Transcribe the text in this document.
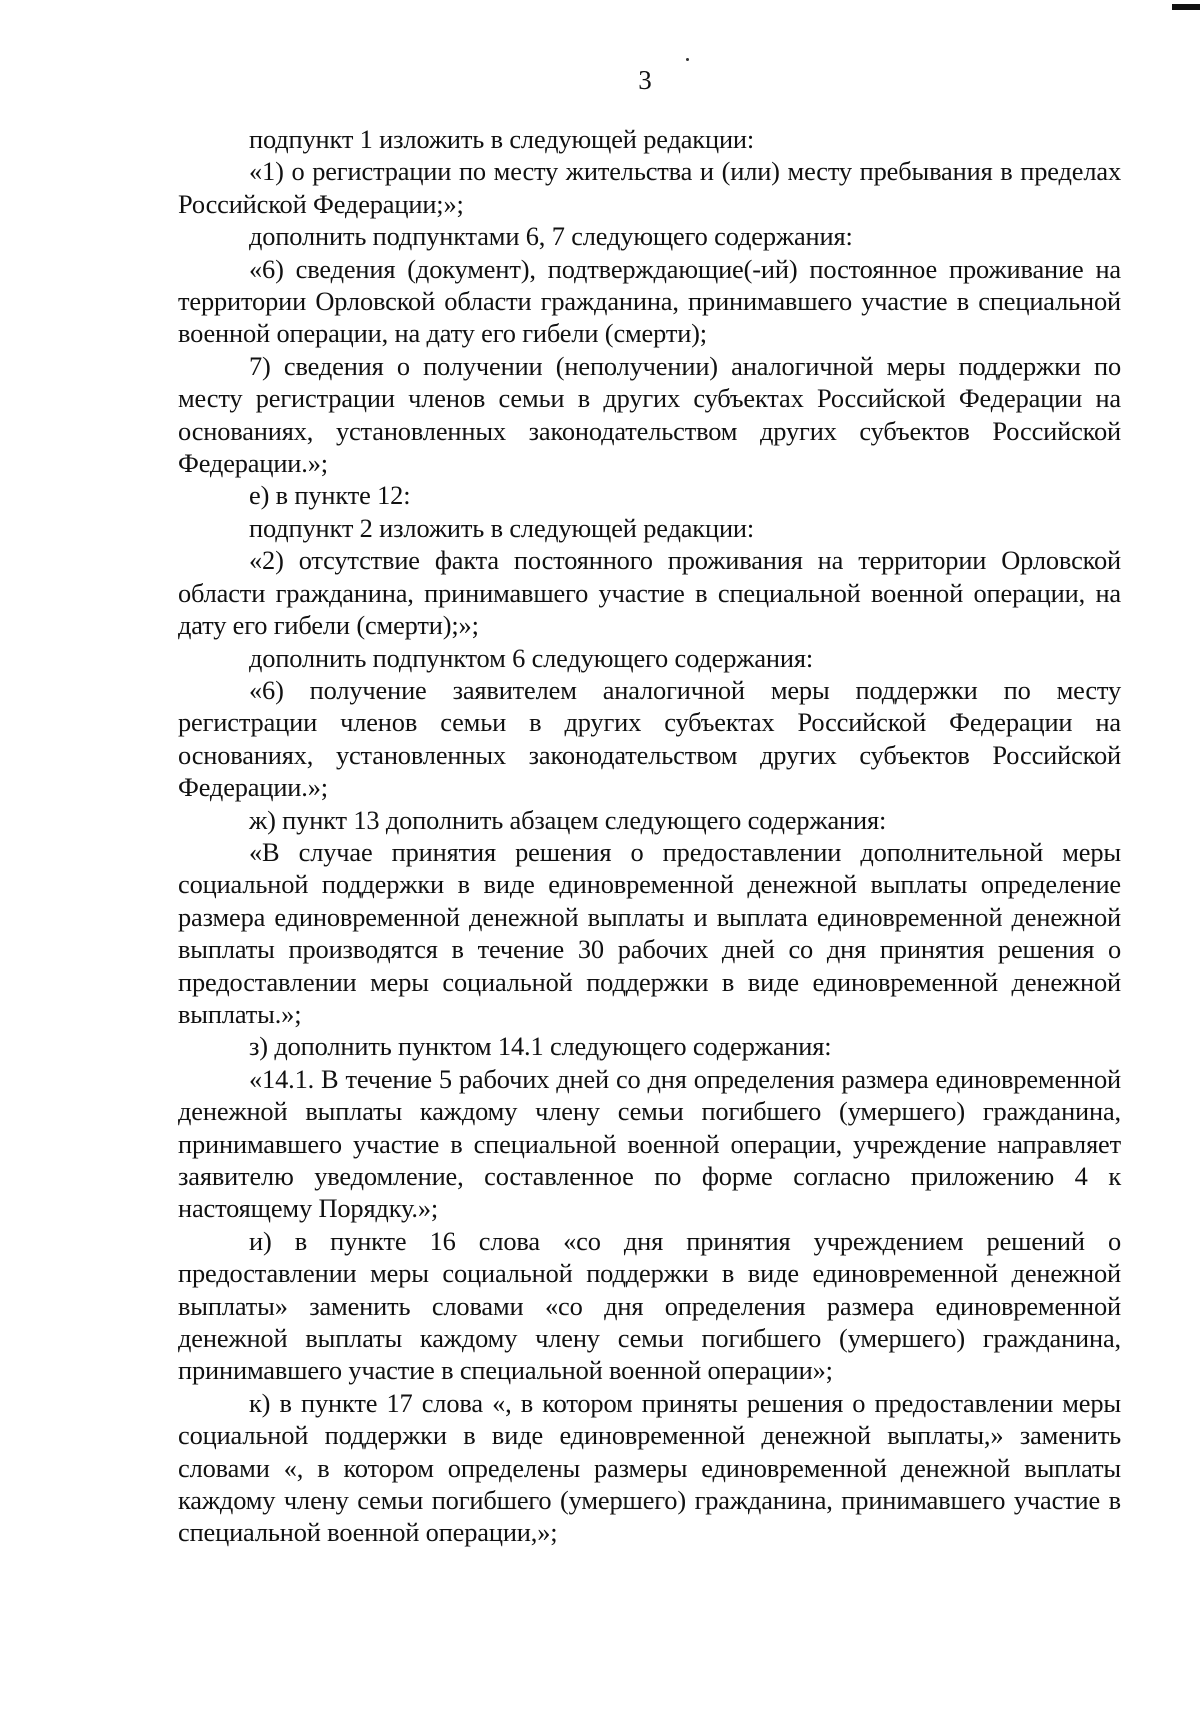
3

подпункт 1 изложить в следующей редакции:

«1) о регистрации по месту жительства и (или) месту пребывания в пределах Российской Федерации;»;

дополнить подпунктами 6, 7 следующего содержания:

«6) сведения (документ), подтверждающие(-ий) постоянное проживание на территории Орловской области гражданина, принимавшего участие в специальной военной операции, на дату его гибели (смерти);

7) сведения о получении (неполучении) аналогичной меры поддержки по месту регистрации членов семьи в других субъектах Российской Федерации на основаниях, установленных законодательством других субъектов Российской Федерации.»;

е) в пункте 12:

подпункт 2 изложить в следующей редакции:

«2) отсутствие факта постоянного проживания на территории Орловской области гражданина, принимавшего участие в специальной военной операции, на дату его гибели (смерти);»;

дополнить подпунктом 6 следующего содержания:

«6) получение заявителем аналогичной меры поддержки по месту регистрации членов семьи в других субъектах Российской Федерации на основаниях, установленных законодательством других субъектов Российской Федерации.»;

ж) пункт 13 дополнить абзацем следующего содержания:

«В случае принятия решения о предоставлении дополнительной меры социальной поддержки в виде единовременной денежной выплаты определение размера единовременной денежной выплаты и выплата единовременной денежной выплаты производятся в течение 30 рабочих дней со дня принятия решения о предоставлении меры социальной поддержки в виде единовременной денежной выплаты.»;

з) дополнить пунктом 14.1 следующего содержания:

«14.1. В течение 5 рабочих дней со дня определения размера единовременной денежной выплаты каждому члену семьи погибшего (умершего) гражданина, принимавшего участие в специальной военной операции, учреждение направляет заявителю уведомление, составленное по форме согласно приложению 4 к настоящему Порядку.»;

и) в пункте 16 слова «со дня принятия учреждением решений о предоставлении меры социальной поддержки в виде единовременной денежной выплаты» заменить словами «со дня определения размера единовременной денежной выплаты каждому члену семьи погибшего (умершего) гражданина, принимавшего участие в специальной военной операции»;

к) в пункте 17 слова «, в котором приняты решения о предоставлении меры социальной поддержки в виде единовременной денежной выплаты,» заменить словами «, в котором определены размеры единовременной денежной выплаты каждому члену семьи погибшего (умершего) гражданина, принимавшего участие в специальной военной операции,»;
